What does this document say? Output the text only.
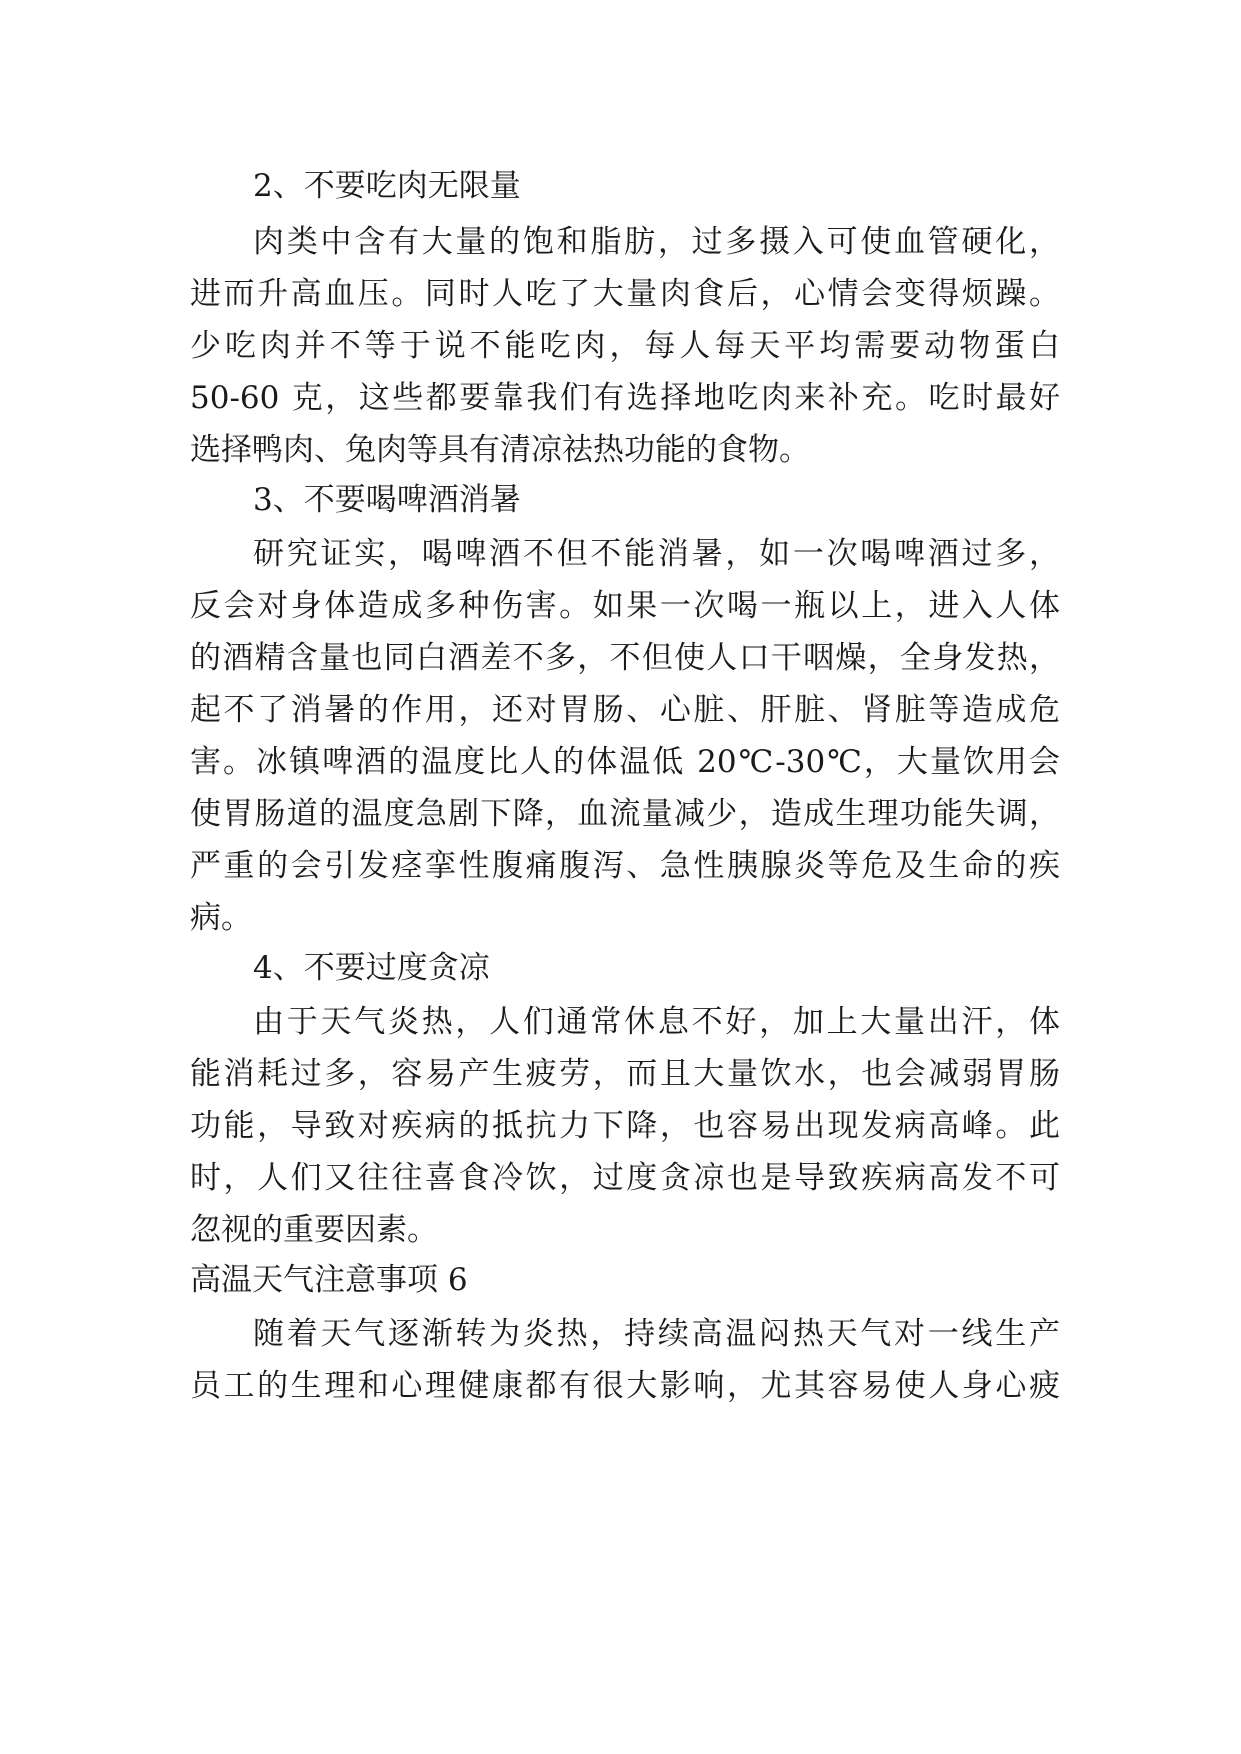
2、不要吃肉无限量
肉类中含有大量的饱和脂肪，过多摄入可使血管硬化，
进而升高血压。同时人吃了大量肉食后，心情会变得烦躁。
少吃肉并不等于说不能吃肉，每人每天平均需要动物蛋白
50-60 克，这些都要靠我们有选择地吃肉来补充。吃时最好
选择鸭肉、兔肉等具有清凉祛热功能的食物。
3、不要喝啤酒消暑
研究证实，喝啤酒不但不能消暑，如一次喝啤酒过多，
反会对身体造成多种伤害。如果一次喝一瓶以上，进入人体
的酒精含量也同白酒差不多，不但使人口干咽燥，全身发热，
起不了消暑的作用，还对胃肠、心脏、肝脏、肾脏等造成危
害。冰镇啤酒的温度比人的体温低 20℃-30℃，大量饮用会
使胃肠道的温度急剧下降，血流量减少，造成生理功能失调，
严重的会引发痉挛性腹痛腹泻、急性胰腺炎等危及生命的疾
病。
4、不要过度贪凉
由于天气炎热，人们通常休息不好，加上大量出汗，体
能消耗过多，容易产生疲劳，而且大量饮水，也会减弱胃肠
功能，导致对疾病的抵抗力下降，也容易出现发病高峰。此
时，人们又往往喜食冷饮，过度贪凉也是导致疾病高发不可
忽视的重要因素。
高温天气注意事项 6
随着天气逐渐转为炎热，持续高温闷热天气对一线生产
员工的生理和心理健康都有很大影响，尤其容易使人身心疲
